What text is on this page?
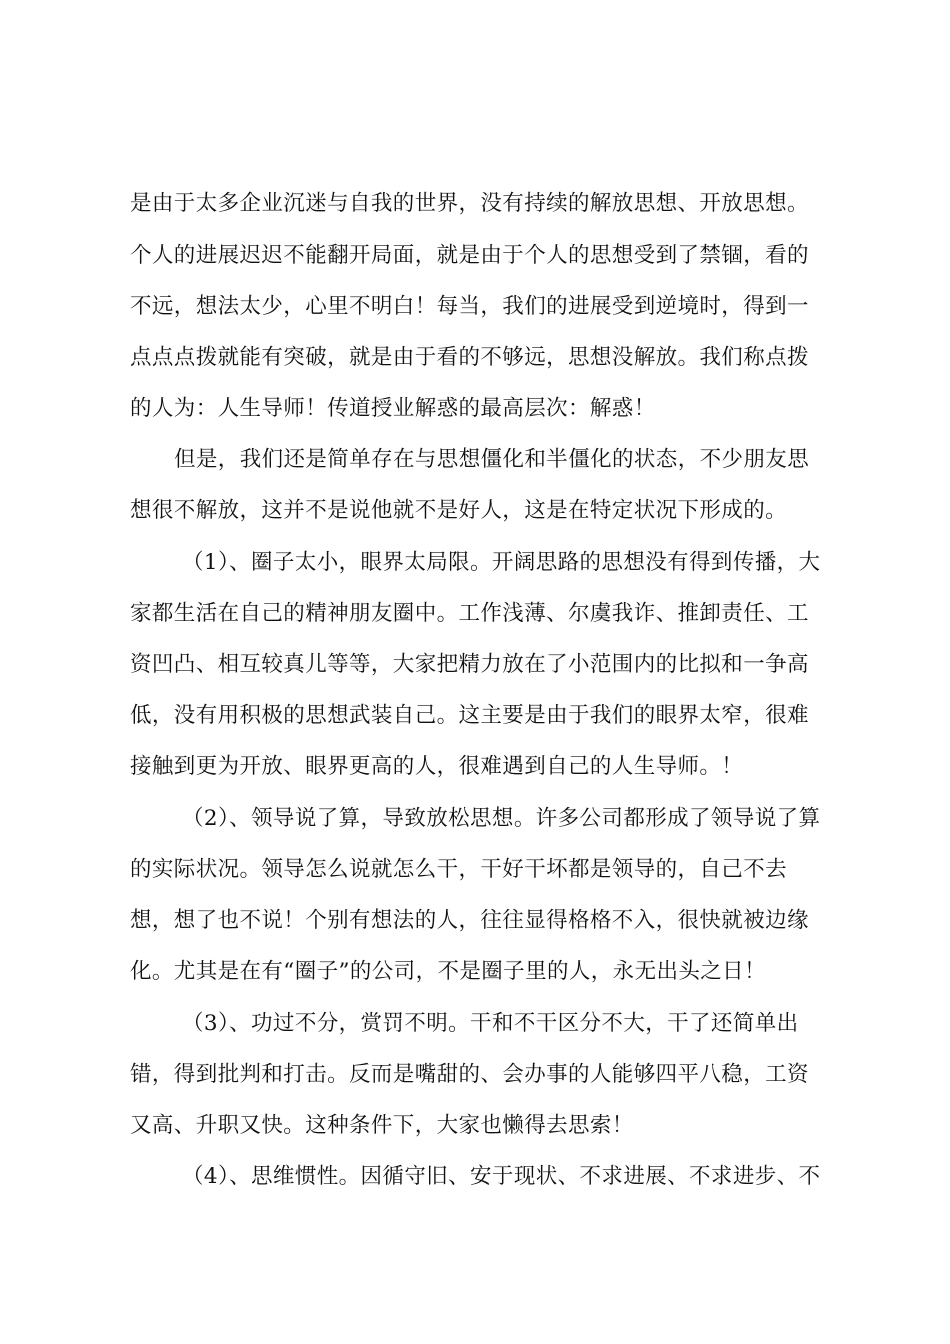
是由于太多企业沉迷与自我的世界，没有持续的解放思想、开放思想。
个人的进展迟迟不能翻开局面，就是由于个人的思想受到了禁锢，看的
不远，想法太少，心里不明白！每当，我们的进展受到逆境时，得到一
点点点拨就能有突破，就是由于看的不够远，思想没解放。我们称点拨
的人为：人生导师！传道授业解惑的最高层次：解惑！
但是，我们还是简单存在与思想僵化和半僵化的状态，不少朋友思
想很不解放，这并不是说他就不是好人，这是在特定状况下形成的。
（1）、圈子太小，眼界太局限。开阔思路的思想没有得到传播，大
家都生活在自己的精神朋友圈中。工作浅薄、尔虞我诈、推卸责任、工
资凹凸、相互较真儿等等，大家把精力放在了小范围内的比拟和一争高
低，没有用积极的思想武装自己。这主要是由于我们的眼界太窄，很难
接触到更为开放、眼界更高的人，很难遇到自己的人生导师。！
（2）、领导说了算，导致放松思想。许多公司都形成了领导说了算
的实际状况。领导怎么说就怎么干，干好干坏都是领导的，自己不去
想，想了也不说！个别有想法的人，往往显得格格不入，很快就被边缘
化。尤其是在有“圈子”的公司，不是圈子里的人，永无出头之日！
（3）、功过不分，赏罚不明。干和不干区分不大，干了还简单出
错，得到批判和打击。反而是嘴甜的、会办事的人能够四平八稳，工资
又高、升职又快。这种条件下，大家也懒得去思索！
（4）、思维惯性。因循守旧、安于现状、不求进展、不求进步、不
